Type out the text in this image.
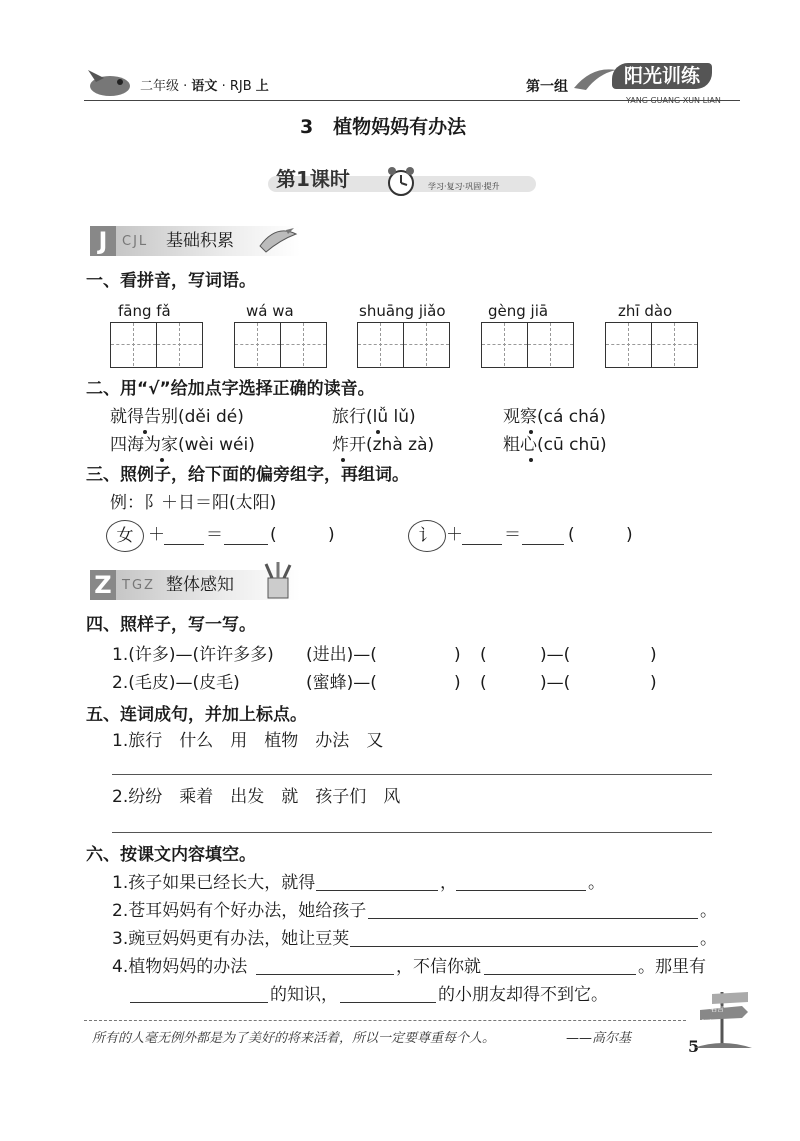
二年级 · 语文 · RJB 上	第一组	阳光训练
YANG GUANG XUN LIAN
3 植物妈妈有办法
第1课时	学习·复习·巩固·提升
J	CJL 基础积累
一、看拼音，写词语。
fāng fǎ	wá wa	shuāng jiǎo	gèng jiā	zhī dào
二、用“√”给加点字选择正确的读音。
就得告别(děi dé)	旅行(lǚ lǔ)	观察(cá chá)
四海为家(wèi wéi)	炸开(zhà zà)	粗心(cū chū)
三、照例子，给下面的偏旁组字，再组词。
例：阝＋日＝阳(太阳)
女 ＋ ＝	(	)	讠 ＋ ＝	(	)
Z TGZ 整体感知
四、照样子，写一写。
1.(许多)—(许许多多) (进出)—(	) (	)—(	)
2.(毛皮)—(皮毛)	(蜜蜂)—(	) (	)—(	)
五、连词成句，并加上标点。
1.旅行　什么　用　植物　办法　又
2.纷纷　乘着　出发　就　孩子们　风
六、按课文内容填空。
1.孩子如果已经长大，就得	，	。
2.苍耳妈妈有个好办法，她给孩子	。
3.豌豆妈妈更有办法，她让豆荚	。
4.植物妈妈的办法	，不信你就	。那里有
的知识，	的小朋友却得不到它。
所有的人毫无例外都是为了美好的将来活着，所以一定要尊重每个人。	——高尔基	5
名言
名人
